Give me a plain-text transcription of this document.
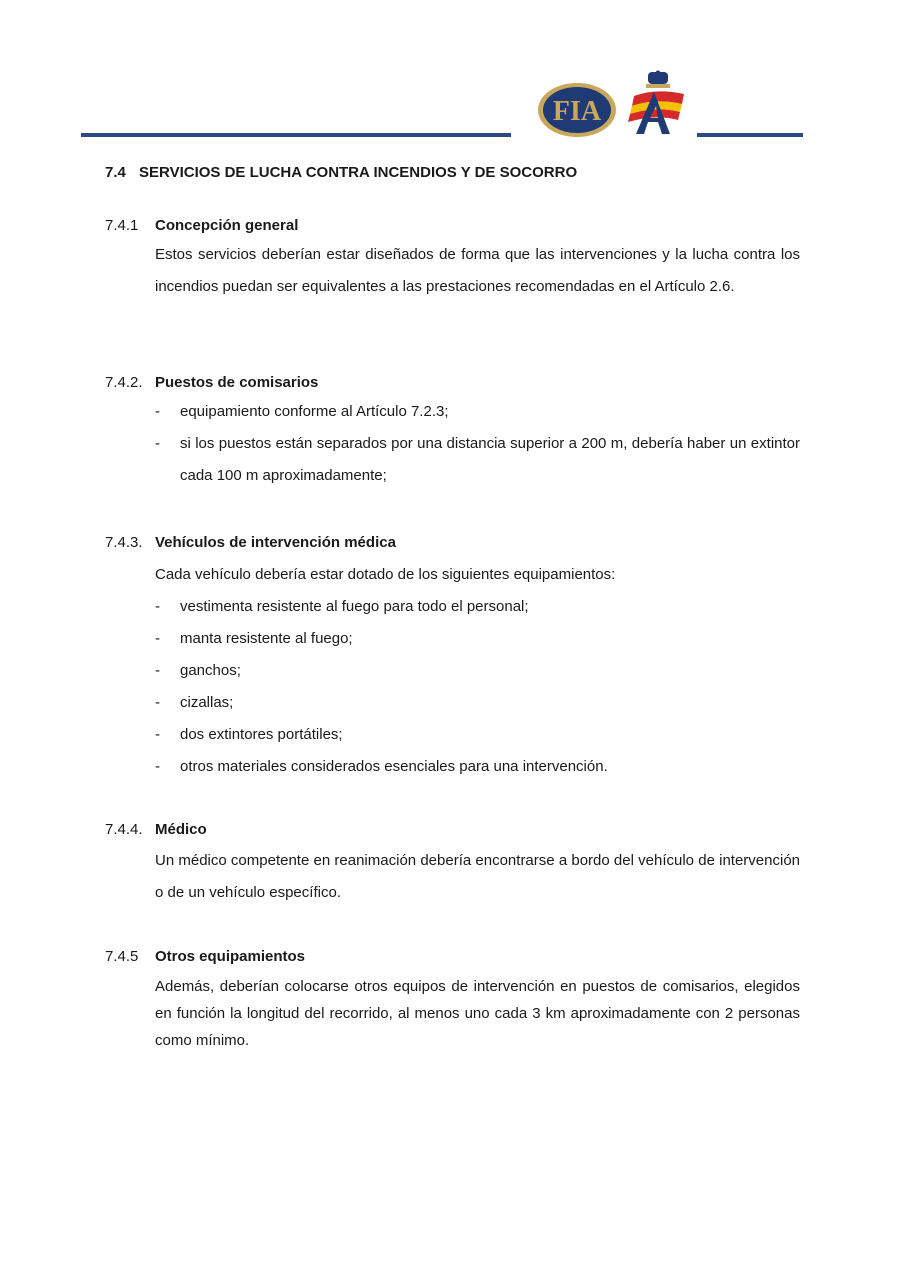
FIA
RFEdA
7.4 SERVICIOS DE LUCHA CONTRA INCENDIOS Y DE SOCORRO
7.4.1 Concepción general
Estos servicios deberían estar diseñados de forma que las intervenciones y la lucha contra los incendios puedan ser equivalentes a las prestaciones recomendadas en el Artículo 2.6.
7.4.2. Puestos de comisarios
- equipamiento conforme al Artículo 7.2.3;
- si los puestos están separados por una distancia superior a 200 m, debería haber un extintor cada 100 m aproximadamente;
7.4.3. Vehículos de intervención médica
Cada vehículo debería estar dotado de los siguientes equipamientos:
- vestimenta resistente al fuego para todo el personal;
- manta resistente al fuego;
- ganchos;
- cizallas;
- dos extintores portátiles;
- otros materiales considerados esenciales para una intervención.
7.4.4. Médico
Un médico competente en reanimación debería encontrarse a bordo del vehículo de intervención o de un vehículo específico.
7.4.5 Otros equipamientos
Además, deberían colocarse otros equipos de intervención en puestos de comisarios, elegidos en función la longitud del recorrido, al menos uno cada 3 km aproximadamente con 2 personas como mínimo.
